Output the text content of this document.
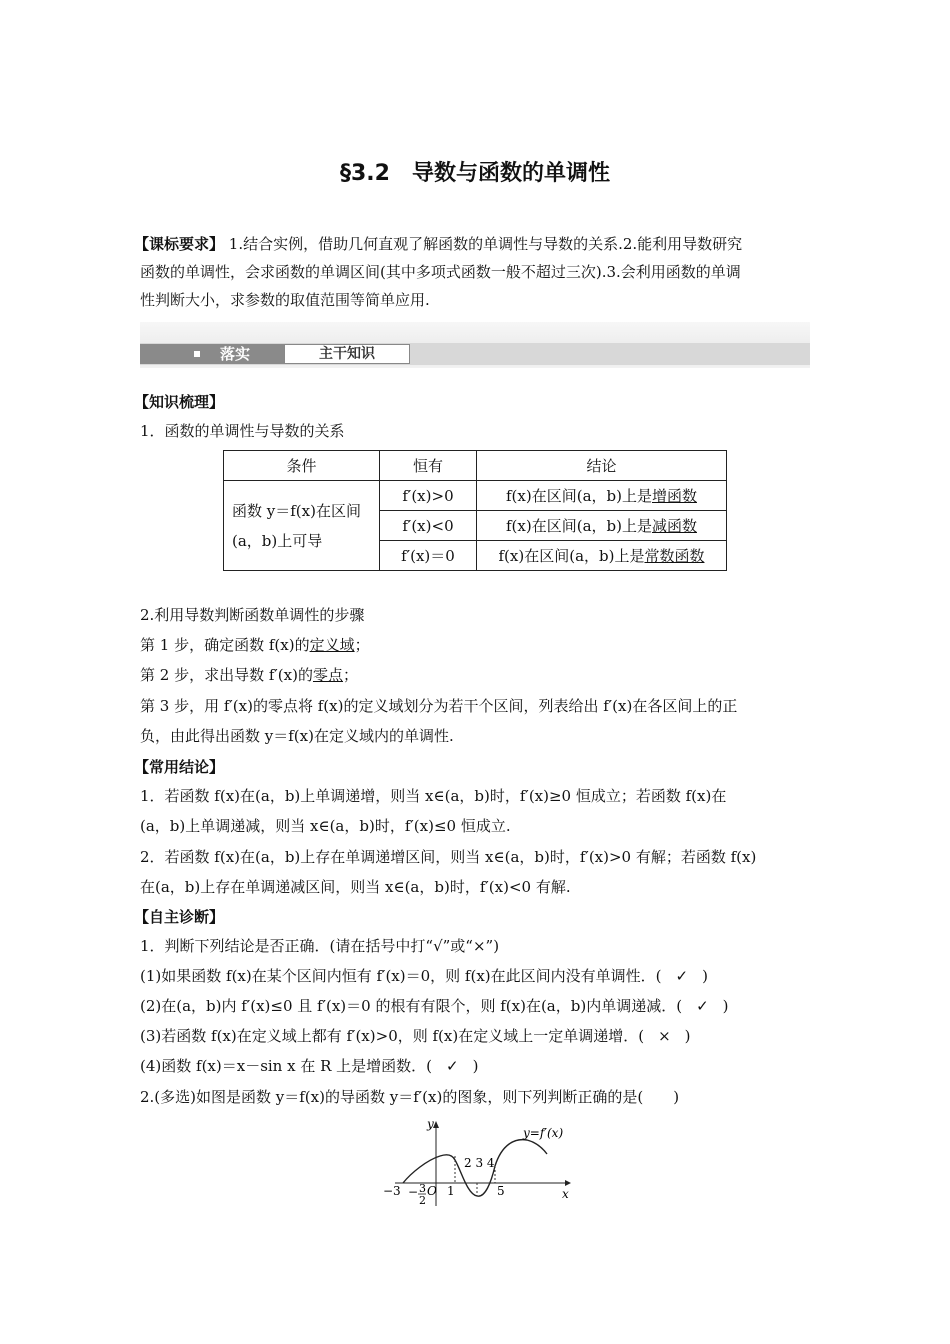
§3.2　导数与函数的单调性
【课标要求】 1.结合实例，借助几何直观了解函数的单调性与导数的关系.2.能利用导数研究
函数的单调性，会求函数的单调区间(其中多项式函数一般不超过三次).3.会利用函数的单调
性判断大小，求参数的取值范围等简单应用.
落实	主干知识
【知识梳理】
1．函数的单调性与导数的关系
条件	恒有	结论

函数 y＝f(x)在区间
(a，b)上可导	f′(x)>0	f(x)在区间(a，b)上是增函数
	f′(x)<0	f(x)在区间(a，b)上是减函数
	f′(x)＝0	f(x)在区间(a，b)上是常数函数
2.利用导数判断函数单调性的步骤
第 1 步，确定函数 f(x)的定义域；
第 2 步，求出导数 f′(x)的零点；
第 3 步，用 f′(x)的零点将 f(x)的定义域划分为若干个区间，列表给出 f′(x)在各区间上的正
负，由此得出函数 y＝f(x)在定义域内的单调性.
【常用结论】
1．若函数 f(x)在(a，b)上单调递增，则当 x∈(a，b)时，f′(x)≥0 恒成立；若函数 f(x)在
(a，b)上单调递减，则当 x∈(a，b)时，f′(x)≤0 恒成立.
2．若函数 f(x)在(a，b)上存在单调递增区间，则当 x∈(a，b)时，f′(x)>0 有解；若函数 f(x)
在(a，b)上存在单调递减区间，则当 x∈(a，b)时，f′(x)<0 有解.
【自主诊断】
1．判断下列结论是否正确．(请在括号中打“√”或“×”)
(1)如果函数 f(x)在某个区间内恒有 f′(x)＝0，则 f(x)在此区间内没有单调性．( ✓ )
(2)在(a，b)内 f′(x)≤0 且 f′(x)＝0 的根有有限个，则 f(x)在(a，b)内单调递减．( ✓ )
(3)若函数 f(x)在定义域上都有 f′(x)>0，则 f(x)在定义域上一定单调递增．( × )
(4)函数 f(x)＝x－sin x 在 R 上是增函数．( ✓ )
2.(多选)如图是函数 y＝f(x)的导函数 y＝f′(x)的图象，则下列判断正确的是(　　)
y=f′(x)
x
y
O
−3 − 3
2
1
2 3 4
5
